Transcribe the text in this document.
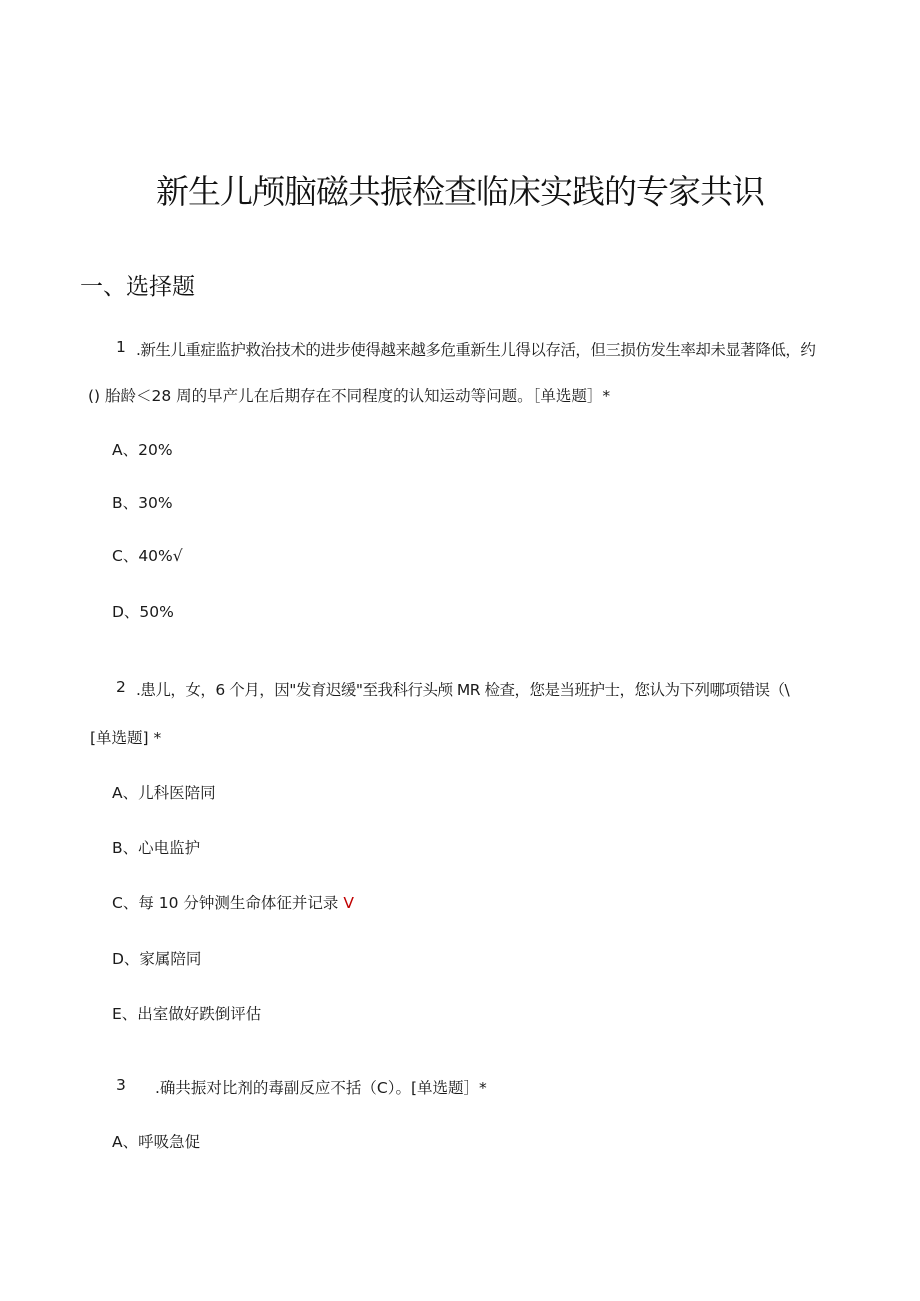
新生儿颅脑磁共振检查临床实践的专家共识
一、选择题
1 .新生儿重症监护救治技术的进步使得越来越多危重新生儿得以存活，但三损仿发生率却未显著降低，约
() 胎龄＜28 周的早产儿在后期存在不同程度的认知运动等问题。［单选题］*
A、20%
B、30%
C、40%√
D、50%
2 .患儿，女，6 个月，因"发育迟缓"至我科行头颅 MR 检查，您是当班护士，您认为下列哪项错误（\
[单选题] *
A、儿科医陪同
B、心电监护
C、每 10 分钟测生命体征并记录 V
D、家属陪同
E、出室做好跌倒评估
3 .确共振对比剂的毒副反应不括（C）。[单选题］*
A、呼吸急促
